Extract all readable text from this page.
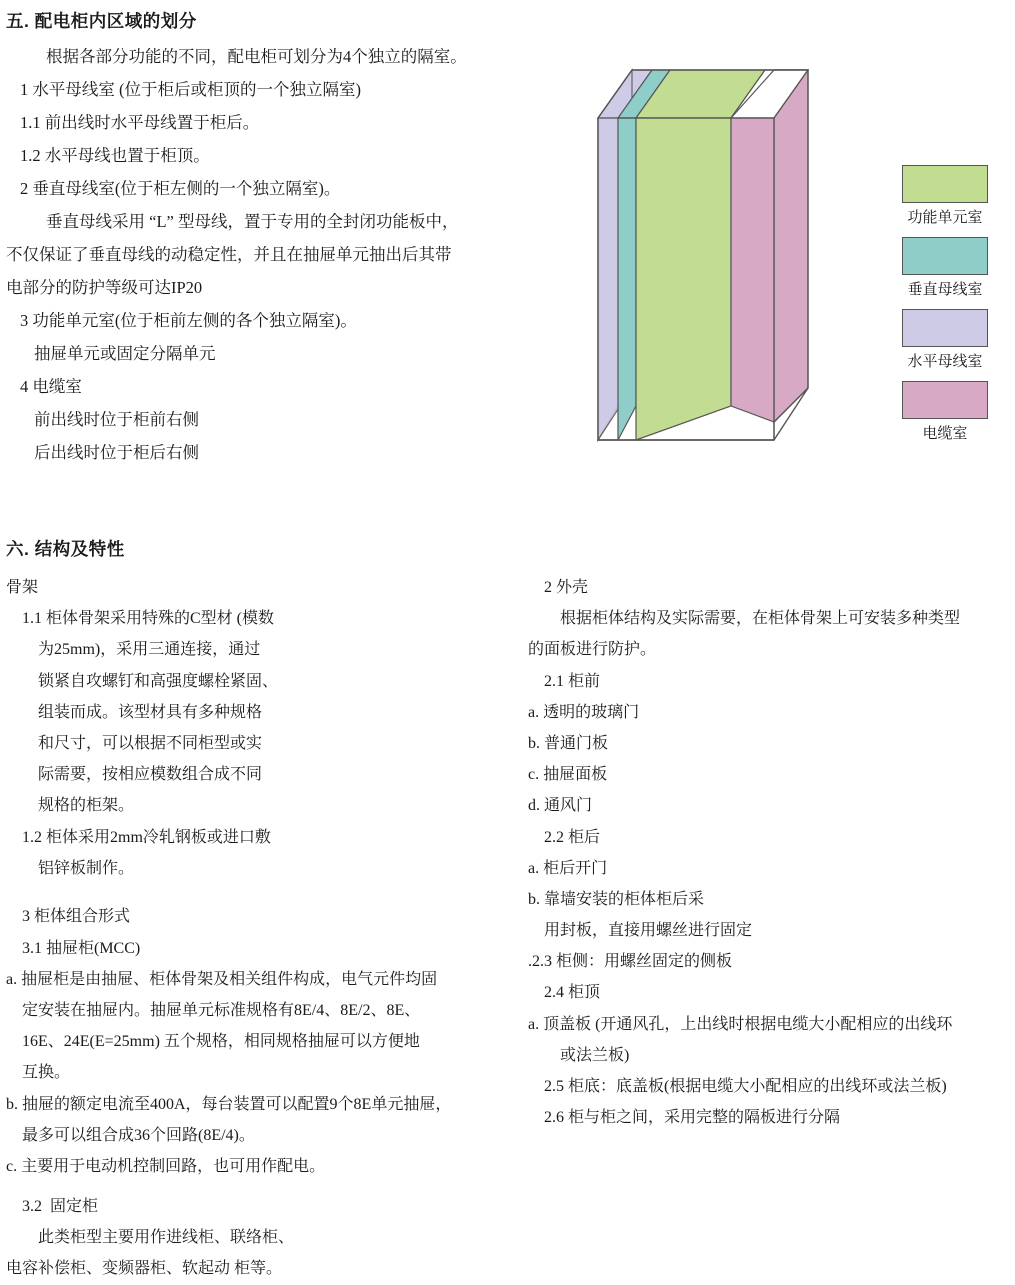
五. 配电柜内区域的划分

根据各部分功能的不同，配电柜可划分为4个独立的隔室。

1 水平母线室 (位于柜后或柜顶的一个独立隔室)

1.1 前出线时水平母线置于柜后。

1.2 水平母线也置于柜顶。

2 垂直母线室(位于柜左侧的一个独立隔室)。

垂直母线采用 “L” 型母线，置于专用的全封闭功能板中，

不仅保证了垂直母线的动稳定性，并且在抽屉单元抽出后其带

电部分的防护等级可达IP20

3 功能单元室(位于柜前左侧的各个独立隔室)。

抽屉单元或固定分隔单元

4 电缆室

前出线时位于柜前右侧

后出线时位于柜后右侧

功能单元室
垂直母线室
水平母线室
电缆室
六. 结构及特性

骨架

1.1 柜体骨架采用特殊的C型材 (模数

为25mm)，采用三通连接，通过

锁紧自攻螺钉和高强度螺栓紧固、

组装而成。该型材具有多种规格

和尺寸，可以根据不同柜型或实

际需要，按相应模数组合成不同

规格的柜架。

1.2 柜体采用2mm冷轧钢板或进口敷

铝锌板制作。

3 柜体组合形式

3.1 抽屉柜(MCC)

a. 抽屉柜是由抽屉、柜体骨架及相关组件构成，电气元件均固

定安装在抽屉内。抽屉单元标准规格有8E/4、8E/2、8E、

16E、24E(E=25mm) 五个规格，相同规格抽屉可以方便地

互换。

b. 抽屉的额定电流至400A，每台装置可以配置9个8E单元抽屉，

最多可以组合成36个回路(8E/4)。

c. 主要用于电动机控制回路，也可用作配电。

3.2  固定柜

此类柜型主要用作进线柜、联络柜、

电容补偿柜、变频器柜、软起动 柜等。

2 外壳

根据柜体结构及实际需要，在柜体骨架上可安装多种类型

的面板进行防护。

2.1 柜前

a. 透明的玻璃门

b. 普通门板

c. 抽屉面板

d. 通风门

2.2 柜后

a. 柜后开门

b. 靠墙安装的柜体柜后采

用封板，直接用螺丝进行固定

.2.3 柜侧：用螺丝固定的侧板

2.4 柜顶

a. 顶盖板 (开通风孔，上出线时根据电缆大小配相应的出线环

或法兰板)

2.5 柜底：底盖板(根据电缆大小配相应的出线环或法兰板)

2.6 柜与柜之间，采用完整的隔板进行分隔
